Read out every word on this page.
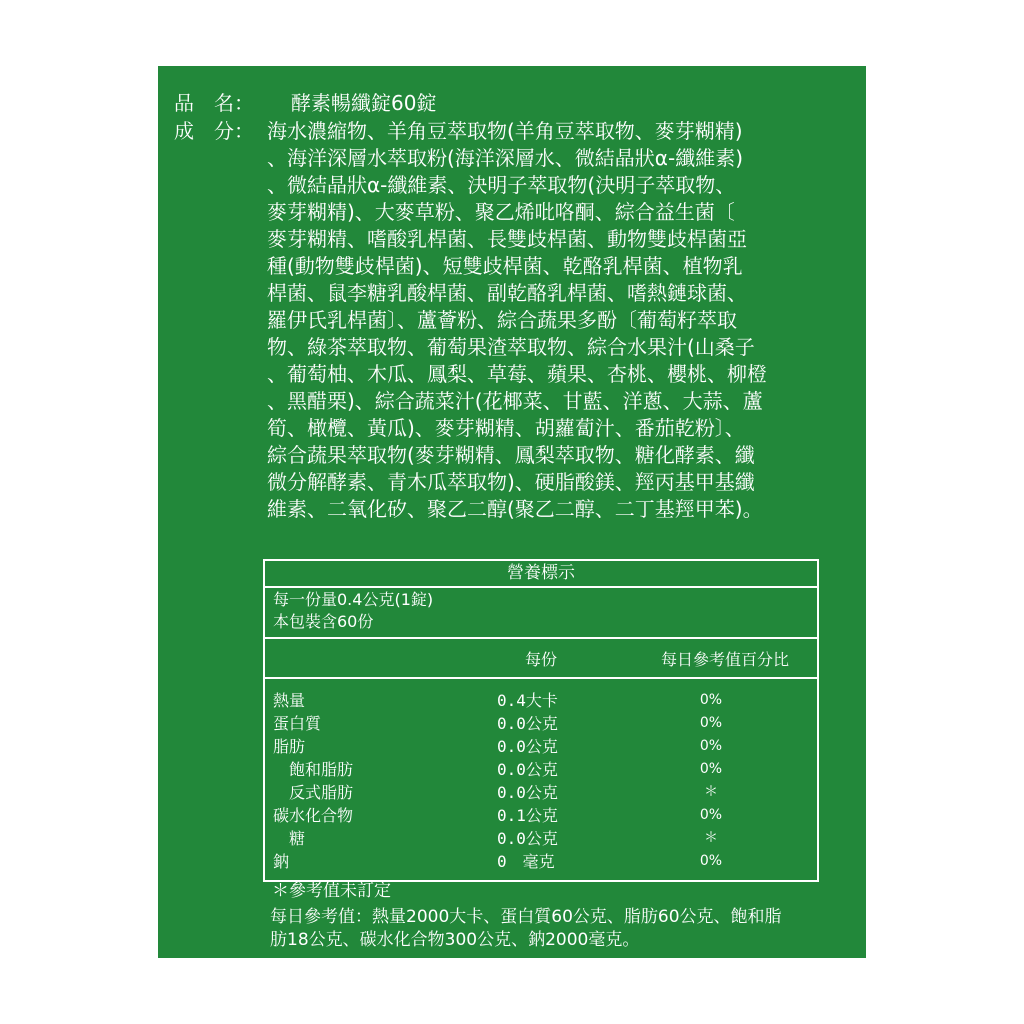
品　名：	酵素暢纖錠60錠
成　分： 海水濃縮物、羊角豆萃取物(羊角豆萃取物、麥芽糊精)
、海洋深層水萃取粉(海洋深層水、微結晶狀α-纖維素)
、微結晶狀α-纖維素、決明子萃取物(決明子萃取物、
麥芽糊精)、大麥草粉、聚乙烯吡咯酮、綜合益生菌〔
麥芽糊精、嗜酸乳桿菌、長雙歧桿菌、動物雙歧桿菌亞
種(動物雙歧桿菌)、短雙歧桿菌、乾酪乳桿菌、植物乳
桿菌、鼠李糖乳酸桿菌、副乾酪乳桿菌、嗜熱鏈球菌、
羅伊氏乳桿菌〕、蘆薈粉、綜合蔬果多酚〔葡萄籽萃取
物、綠茶萃取物、葡萄果渣萃取物、綜合水果汁(山桑子
、葡萄柚、木瓜、鳳梨、草莓、蘋果、杏桃、櫻桃、柳橙
、黑醋栗)、綜合蔬菜汁(花椰菜、甘藍、洋蔥、大蒜、蘆
筍、橄欖、黃瓜)、麥芽糊精、胡蘿蔔汁、番茄乾粉〕、
綜合蔬果萃取物(麥芽糊精、鳳梨萃取物、糖化酵素、纖
微分解酵素、青木瓜萃取物)、硬脂酸鎂、羥丙基甲基纖
維素、二氧化矽、聚乙二醇(聚乙二醇、二丁基羥甲苯)。
營養標示
每一份量0.4公克(1錠)
本包裝含60份
每份	每日參考值百分比
熱量	0.4大卡	0%
蛋白質	0.0公克	0%
脂肪	0.0公克	0%
飽和脂肪	0.0公克	0%
反式脂肪	0.0公克	＊
碳水化合物	0.1公克	0%
糖	0.0公克	＊
鈉	0　毫克	0%
＊參考值未訂定
每日參考值：熱量2000大卡、蛋白質60公克、脂肪60公克、飽和脂
肪18公克、碳水化合物300公克、鈉2000毫克。
